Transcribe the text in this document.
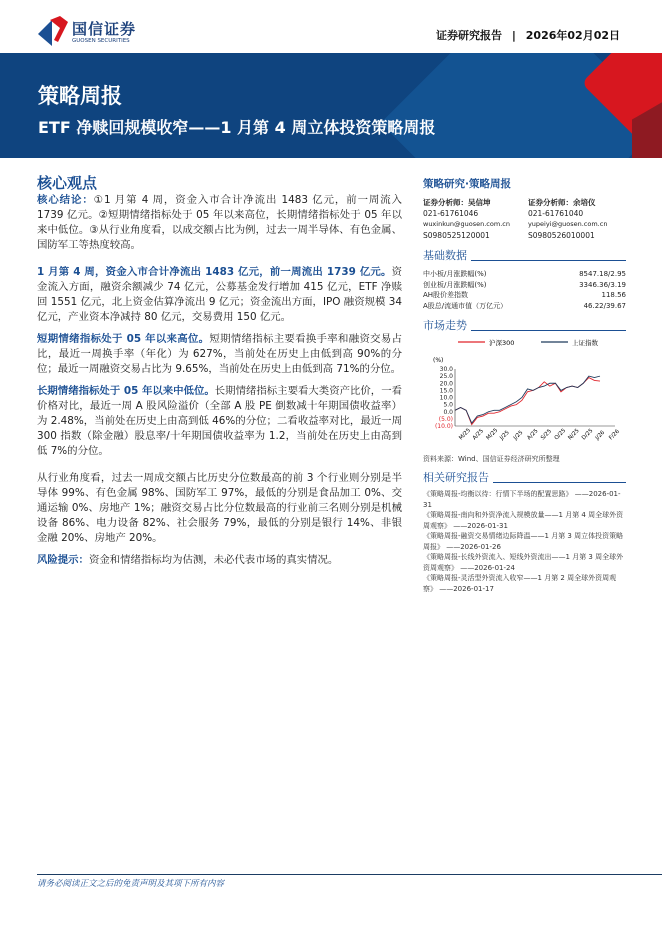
国信证券
GUOSEN SECURITIES	证券研究报告 | 2026年02月02日
策略周报
ETF 净赎回规模收窄——1 月第 4 周立体投资策略周报
核心观点

核心结论：①1 月第 4 周，资金入市合计净流出 1483 亿元，前一周流入 1739 亿元。②短期情绪指标处于 05 年以来高位，长期情绪指标处于 05 年以来中低位。③从行业角度看，以成交额占比为例，过去一周半导体、有色金属、国防军工等热度较高。

1 月第 4 周，资金入市合计净流出 1483 亿元，前一周流出 1739 亿元。资金流入方面，融资余额减少 74 亿元，公募基金发行增加 415 亿元，ETF 净赎回 1551 亿元，北上资金估算净流出 9 亿元；资金流出方面，IPO 融资规模 34 亿元，产业资本净减持 80 亿元，交易费用 150 亿元。

短期情绪指标处于 05 年以来高位。短期情绪指标主要看换手率和融资交易占比，最近一周换手率（年化）为 627%，当前处在历史上由低到高 90%的分位；最近一周融资交易占比为 9.65%，当前处在历史上由低到高 71%的分位。

长期情绪指标处于 05 年以来中低位。长期情绪指标主要看大类资产比价，一看价格对比，最近一周 A 股风险溢价（全部 A 股 PE 倒数减十年期国债收益率）为 2.48%，当前处在历史上由高到低 46%的分位；二看收益率对比，最近一周 300 指数（除金融）股息率/十年期国债收益率为 1.2，当前处在历史上由高到低 7%的分位。

从行业角度看，过去一周成交额占比历史分位数最高的前 3 个行业则分别是半导体 99%、有色金属 98%、国防军工 97%，最低的分别是食品加工 0%、交通运输 0%、房地产 1%；融资交易占比分位数最高的行业前三名则分别是机械设备 86%、电力设备 82%、社会服务 79%，最低的分别是银行 14%、非银金融 20%、房地产 20%。

风险提示：资金和情绪指标均为估测，未必代表市场的真实情况。

策略研究·策略周报
证券分析师：吴信坤
021-61761046
wuxinkun@guosen.com.cn
S0980525120001
证券分析师：余培仪
021-61761040
yupeiyi@guosen.com.cn
S0980526010001
基础数据
中小板/月涨跌幅(%)	8547.18/2.95
创业板/月涨跌幅(%)	3346.36/3.19
AH股价差指数	118.56
A股总/流通市值（万亿元）	46.22/39.67
市场走势
沪深300	上证指数
(%)
30.0
25.0
20.0
15.0
10.0
5.0
0.0
(5.0)
(10.0)
M/25 A/25 M/25 J/25 J/25 A/25 S/25 O/25 N/25 D/25 J/26 F/26
资料来源：Wind、国信证券经济研究所整理
相关研究报告
《策略周报-均衡以待：行情下半场的配置思路》 ——2026-01-31
《策略周报-南向和外资净流入规模放量——1 月第 4 周全球外资周观察》 ——2026-01-31
《策略周报-融资交易情绪边际降温——1 月第 3 周立体投资策略周报》 ——2026-01-26
《策略周报-长线外资流入、短线外资流出——1 月第 3 周全球外资周观察》 ——2026-01-24
《策略周报-灵活型外资流入收窄——1 月第 2 周全球外资周观察》 ——2026-01-17
请务必阅读正文之后的免责声明及其项下所有内容
